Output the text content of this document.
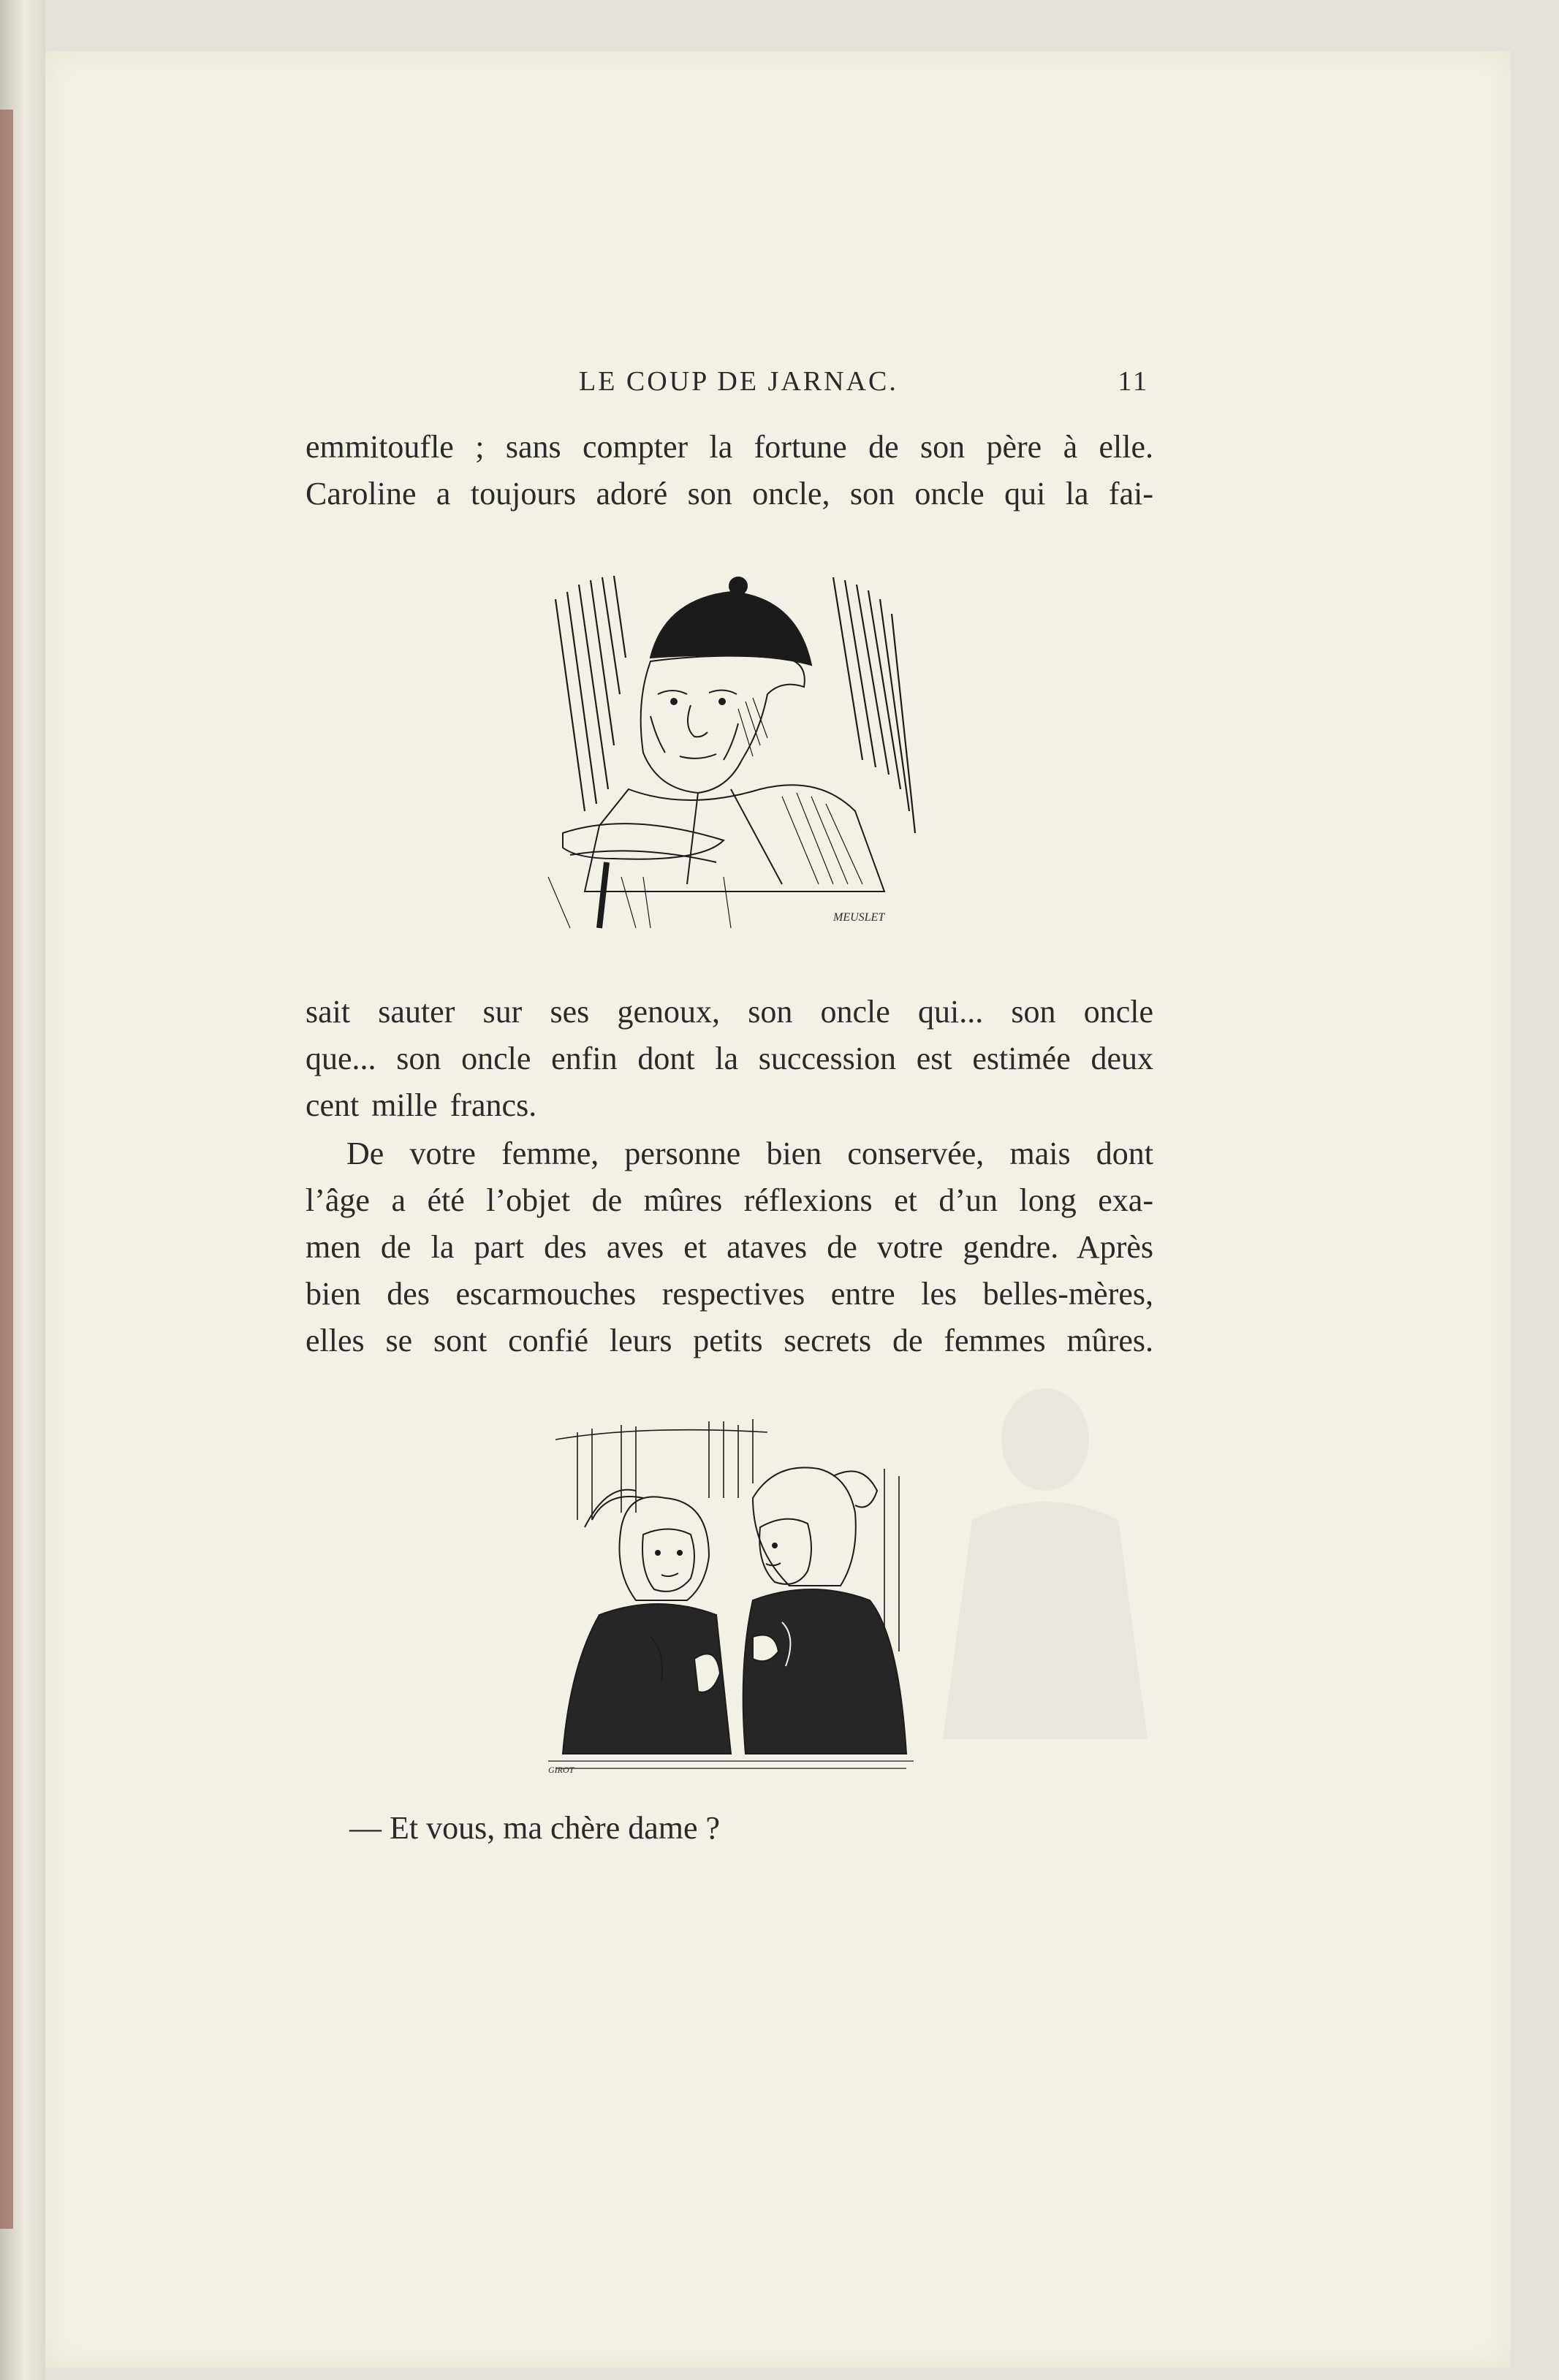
LE COUP DE JARNAC.	11
emmitoufle ; sans compter la fortune de son père à elle.
Caroline a toujours adoré son oncle, son oncle qui la fai-
MEUSLET
sait sauter sur ses genoux, son oncle qui... son oncle
que... son oncle enfin dont la succession est estimée deux
cent mille francs.
De votre femme, personne bien conservée, mais dont
l’âge a été l’objet de mûres réflexions et d’un long exa-
men de la part des aves et ataves de votre gendre. Après
bien des escarmouches respectives entre les belles-mères,
elles se sont confié leurs petits secrets de femmes mûres.
GIROT
— Et vous, ma chère dame ?
